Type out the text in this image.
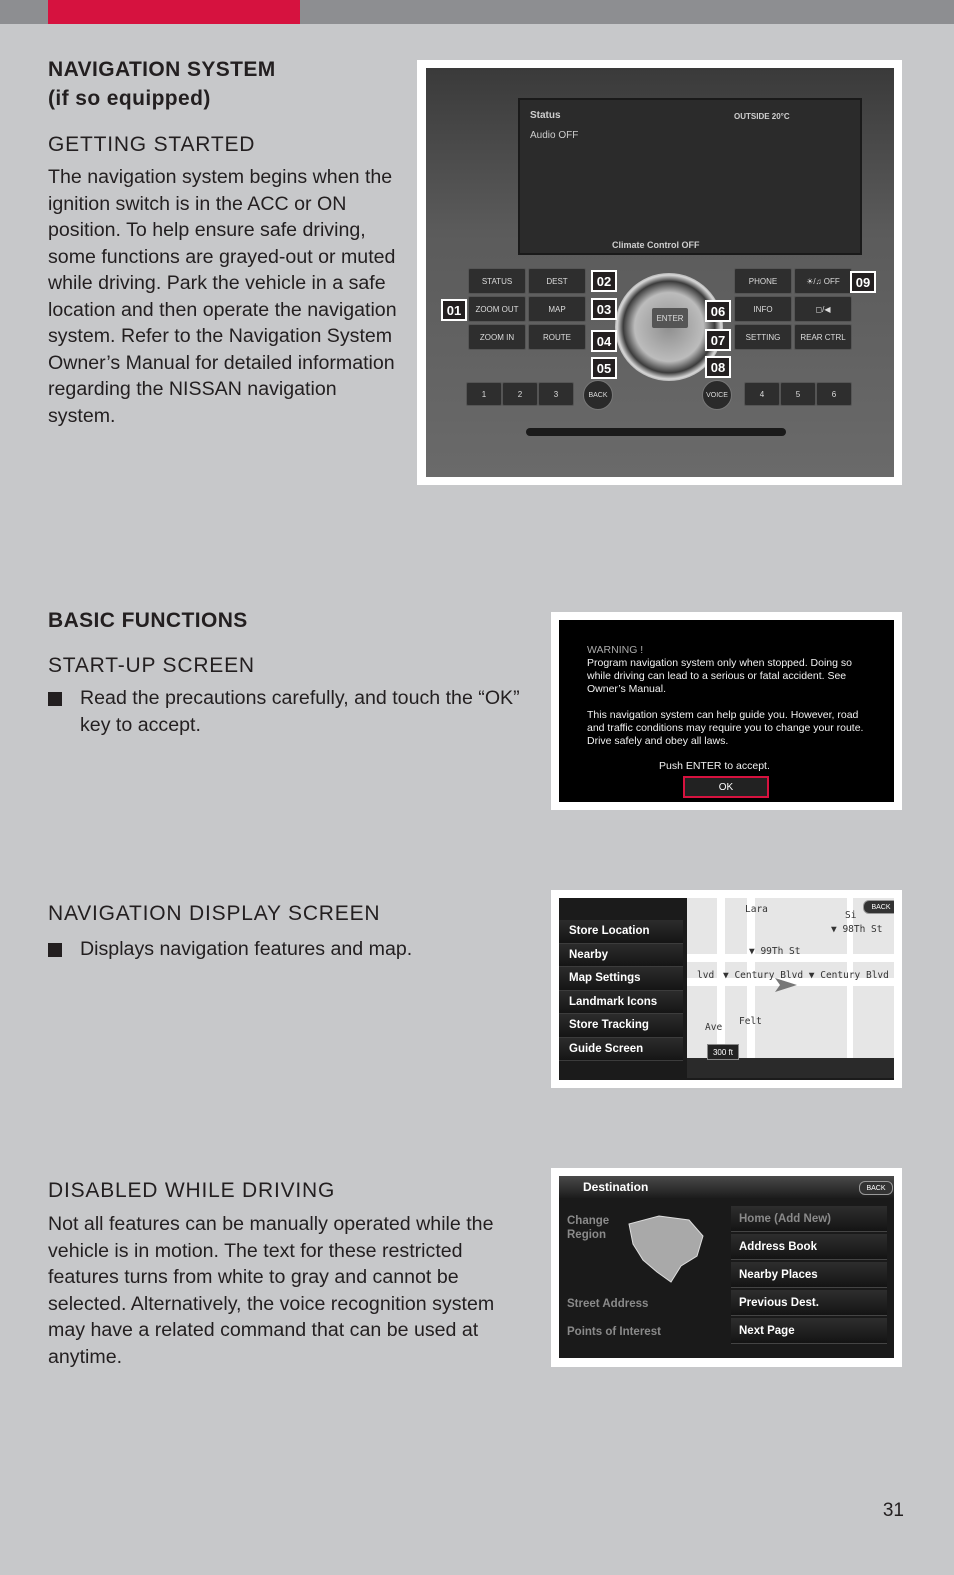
NAVIGATION SYSTEM
(if so equipped)
GETTING STARTED
The navigation system begins when the ignition switch is in the ACC or ON position. To help ensure safe driving, some functions are grayed-out or muted while driving. Park the vehicle in a safe location and then operate the navigation system. Refer to the Navigation System Owner’s Manual for detailed information regarding the NISSAN navigation system.
Status
Audio OFF
OUTSIDE 20°C
Climate Control OFF
STATUS	DEST
ZOOM OUT	MAP
ZOOM IN	ROUTE
ENTER
PHONE	☀/♫ OFF
INFO	◻/◀
SETTING	REAR CTRL
1	2	3	BACK	VOICE	4	5	6
01
02
03
04
05
06
07
08
09
BASIC FUNCTIONS
START-UP SCREEN
Read the precautions carefully, and touch the “OK” key to accept.
WARNING !
Program navigation system only when stopped. Doing so while driving can lead to a serious or fatal accident. See Owner’s Manual.
This navigation system can help guide you. However, road and traffic conditions may require you to change your route. Drive safely and obey all laws.
Push ENTER to accept.
OK
NAVIGATION DISPLAY SCREEN
Displays navigation features and map.	▼ 99Th St
▼ 98Th St
▼ Century Blvd ▼ Century Blvd
lvd
Ave
Felt
Lara
Si
300 ft
BACK
Store Location
Nearby
Map Settings
Landmark Icons
Store Tracking
Guide Screen
DISABLED WHILE DRIVING
Not all features can be manually operated while the vehicle is in motion. The text for these restricted features turns from white to gray and cannot be selected. Alternatively, the voice recognition system may have a related command that can be used at anytime.
Destination	BACK
Change Region
Street Address
Points of Interest
Home (Add New)
Address Book
Nearby Places
Previous Dest.
Next Page
31
